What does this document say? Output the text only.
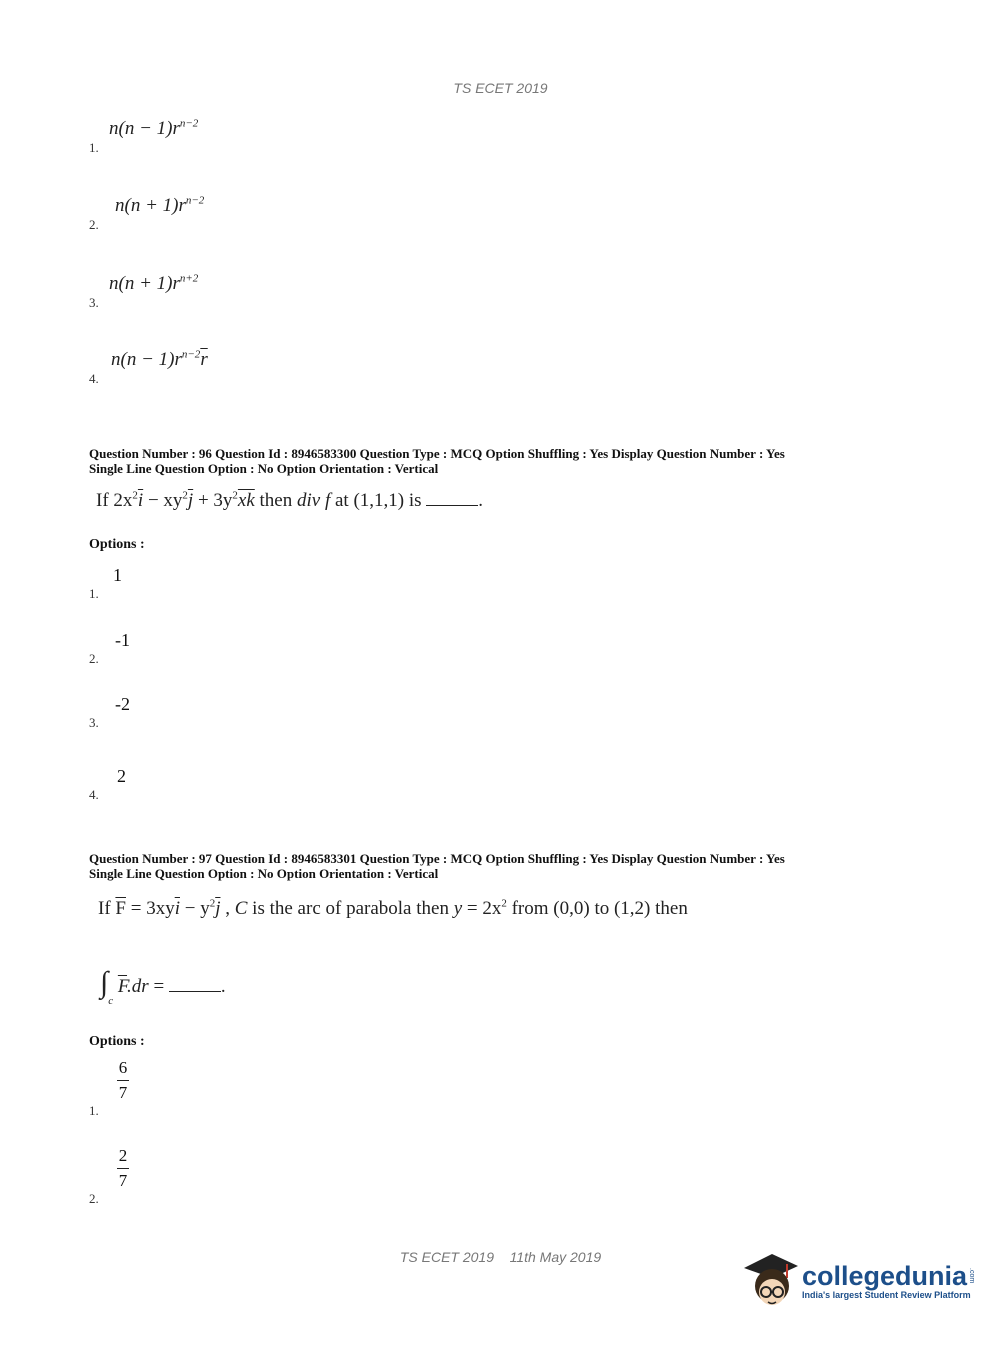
TS ECET 2019
$n(n - 1)r^{n-2}$
1.
$n(n + 1)r^{n-2}$
2.
$n(n + 1)r^{n+2}$
3.
$n(n - 1)r^{n-2}\overline{r}$
4.
Question Number : 96 Question Id : 8946583300 Question Type : MCQ Option Shuffling : Yes Display Question Number : Yes
Single Line Question Option : No Option Orientation : Vertical
If $2x^2\overline{i} - xy^2\overline{j} + 3y^2\overline{xk}$ then div f at (1,1,1) is	.
Options :
1
1.
-1
2.
-2
3.
2
4.
Question Number : 97 Question Id : 8946583301 Question Type : MCQ Option Shuffling : Yes Display Question Number : Yes
Single Line Question Option : No Option Orientation : Vertical
If $\overline{F} = 3xy\overline{i} - y^2\overline{j}$ , C is the arc of parabola then $y = 2x^2$ from (0,0) to (1,2) then
$\int_c$ $\overline{F}.dr$ =	.
Options :
$\frac{6}{7}$
1.
$\frac{2}{7}$
2.
TS ECET 2019 11th May 2019
collegedunia .com
India's largest Student Review Platform
